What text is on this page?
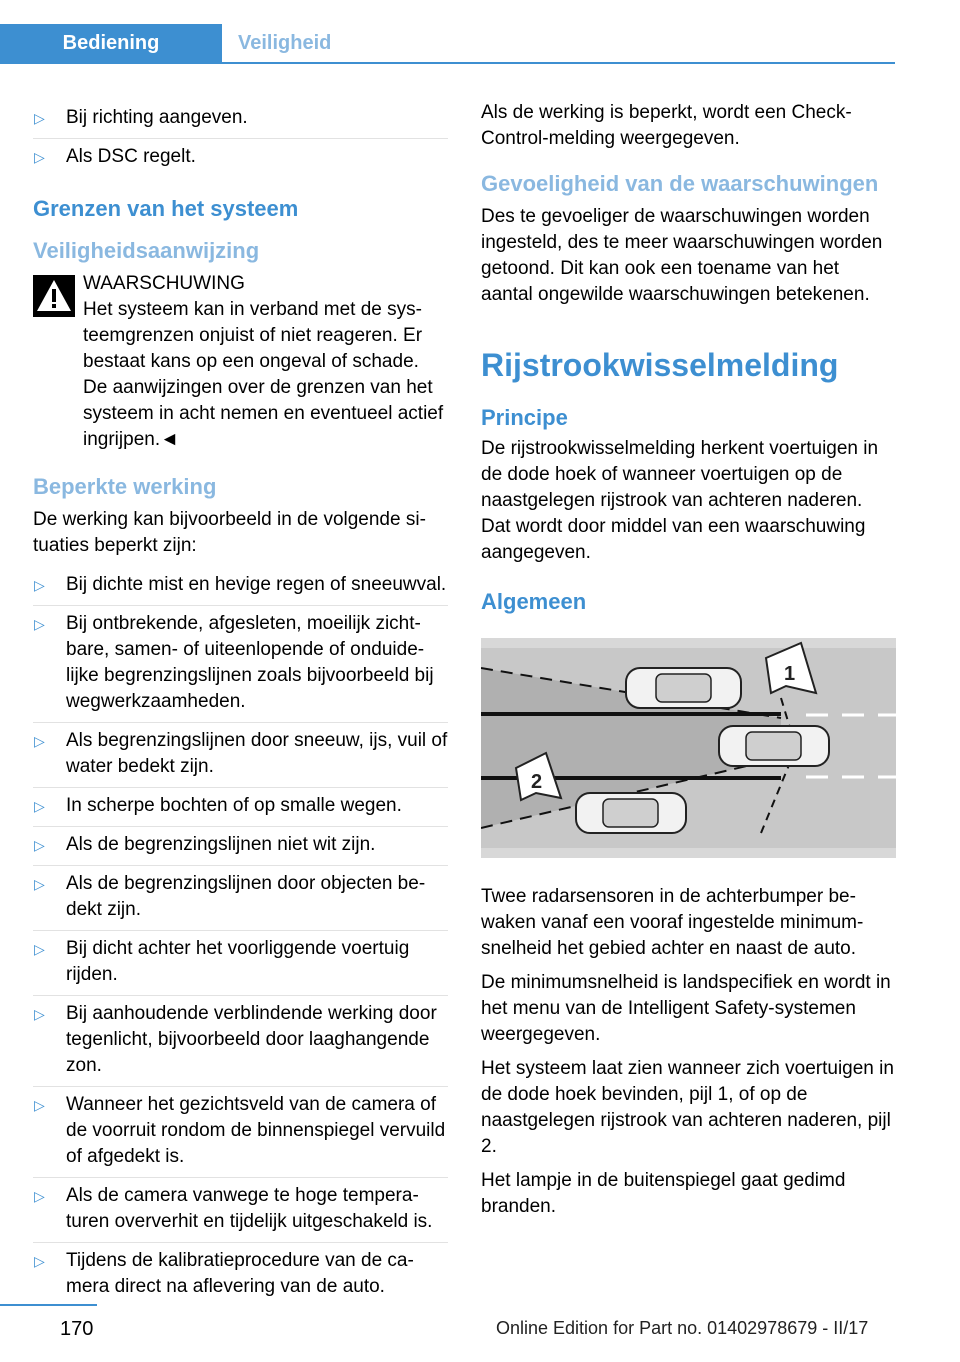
Bediening	Veiligheid
▷ Bij richting aangeven.
▷ Als DSC regelt.
Grenzen van het systeem
Veiligheidsaanwijzing
WAARSCHUWING
Het systeem kan in verband met de systeemgrenzen onjuist of niet reageren. Er bestaat kans op een ongeval of schade. De aanwijzingen over de grenzen van het systeem in acht nemen en eventueel actief ingrijpen.◄
Beperkte werking

De werking kan bijvoorbeeld in de volgende situaties beperkt zijn:

▷ Bij dichte mist en hevige regen of sneeuwval.
▷ Bij ontbrekende, afgesleten, moeilijk zichtbare, samen- of uiteenlopende of onduidelijke begrenzingslijnen zoals bijvoorbeeld bij wegwerkzaamheden.
▷ Als begrenzingslijnen door sneeuw, ijs, vuil of water bedekt zijn.
▷ In scherpe bochten of op smalle wegen.
▷ Als de begrenzingslijnen niet wit zijn.
▷ Als de begrenzingslijnen door objecten bedekt zijn.
▷ Bij dicht achter het voorliggende voertuig rijden.
▷ Bij aanhoudende verblindende werking door tegenlicht, bijvoorbeeld door laaghangende zon.
▷ Wanneer het gezichtsveld van de camera of de voorruit rondom de binnenspiegel vervuild of afgedekt is.
▷ Als de camera vanwege te hoge temperaturen oververhit en tijdelijk uitgeschakeld is.
▷ Tijdens de kalibratieprocedure van de camera direct na aflevering van de auto.

Als de werking is beperkt, wordt een Check-Control-melding weergegeven.

Gevoeligheid van de waarschuwingen

Des te gevoeliger de waarschuwingen worden ingesteld, des te meer waarschuwingen worden getoond. Dit kan ook een toename van het aantal ongewilde waarschuwingen betekenen.

Rijstrookwisselmelding
Principe

De rijstrookwisselmelding herkent voertuigen in de dode hoek of wanneer voertuigen op de naastgelegen rijstrook van achteren naderen. Dat wordt door middel van een waarschuwing aangegeven.

Algemeen
1
2

Twee radarsensoren in de achterbumper bewaken vanaf een vooraf ingestelde minimumsnelheid het gebied achter en naast de auto.

De minimumsnelheid is landspecifiek en wordt in het menu van de Intelligent Safety-systemen weergegeven.

Het systeem laat zien wanneer zich voertuigen in de dode hoek bevinden, pijl 1, of op de naastgelegen rijstrook van achteren naderen, pijl 2.

Het lampje in de buitenspiegel gaat gedimd branden.

170	Online Edition for Part no. 01402978679 - II/17
